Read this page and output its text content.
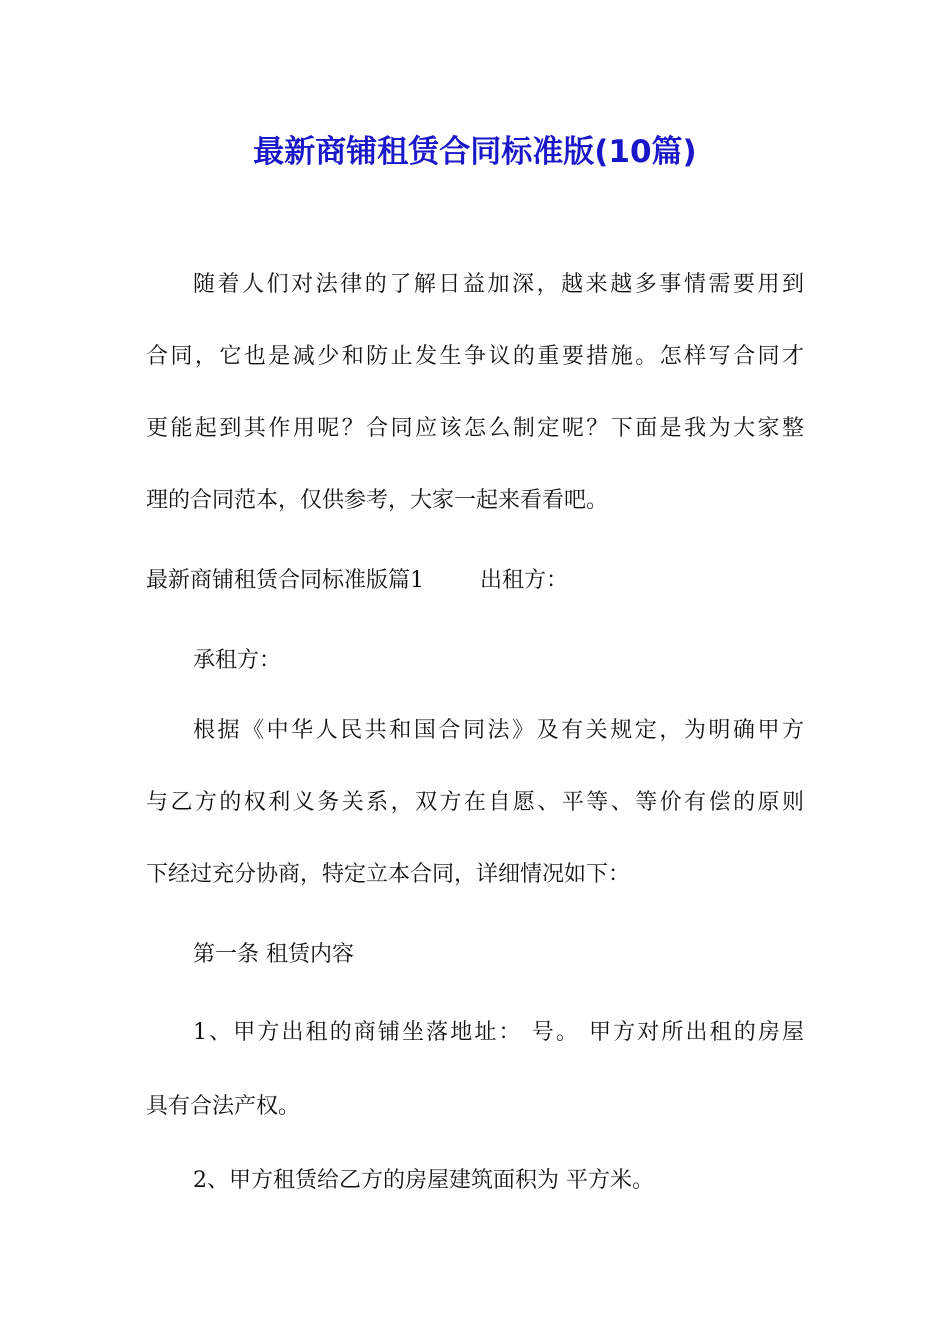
最新商铺租赁合同标准版(10篇)
随着人们对法律的了解日益加深，越来越多事情需要用到
合同，它也是减少和防止发生争议的重要措施。怎样写合同才
更能起到其作用呢？合同应该怎么制定呢？下面是我为大家整
理的合同范本，仅供参考，大家一起来看看吧。
最新商铺租赁合同标准版篇1	出租方：
承租方：
根据《中华人民共和国合同法》及有关规定，为明确甲方
与乙方的权利义务关系，双方在自愿、平等、等价有偿的原则
下经过充分协商，特定立本合同，详细情况如下：
第一条 租赁内容
1、甲方出租的商铺坐落地址： 号。 甲方对所出租的房屋
具有合法产权。
2、甲方租赁给乙方的房屋建筑面积为 平方米。
